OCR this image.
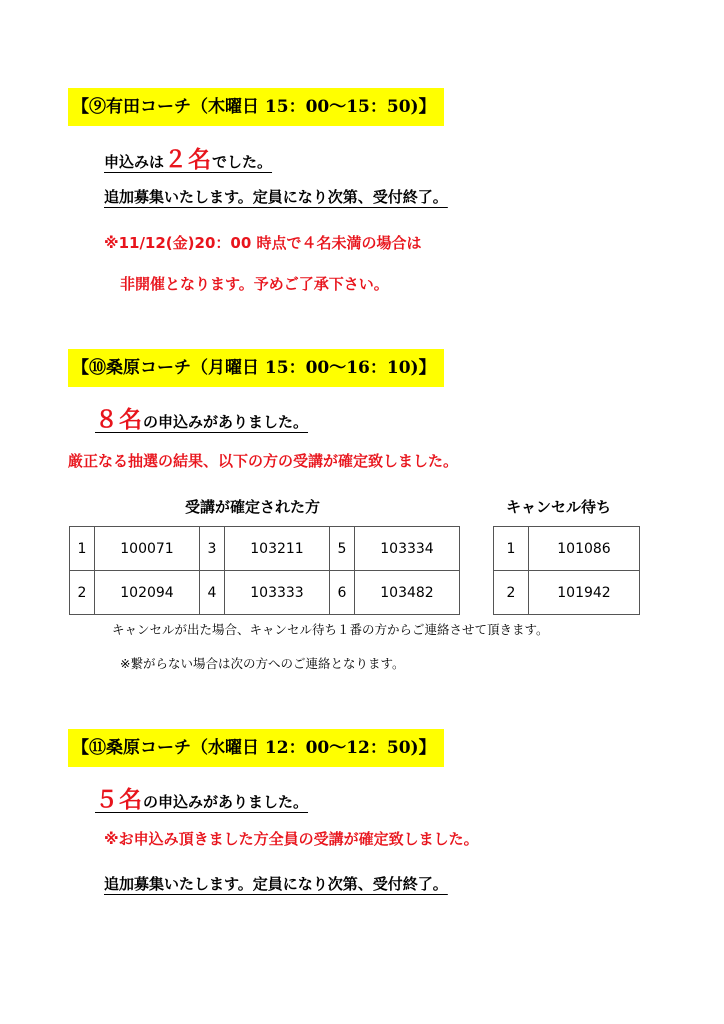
【⑨有田コーチ（木曜日 15：00〜15：50)】
申込みは２名でした。
追加募集いたします。定員になり次第、受付終了。
※11/12(金)20：00 時点で４名未満の場合は
非開催となります。予めご了承下さい。
【⑩桑原コーチ（月曜日 15：00〜16：10)】
８名の申込みがありました。
厳正なる抽選の結果、以下の方の受講が確定致しました。
受講が確定された方	キャンセル待ち
1	100071	3	103211	5	103334
2	102094	4	103333	6	103482
1	101086
2	101942
キャンセルが出た場合、キャンセル待ち１番の方からご連絡させて頂きます。
※繋がらない場合は次の方へのご連絡となります。
【⑪桑原コーチ（水曜日 12：00〜12：50)】
５名の申込みがありました。
※お申込み頂きました方全員の受講が確定致しました。
追加募集いたします。定員になり次第、受付終了。
